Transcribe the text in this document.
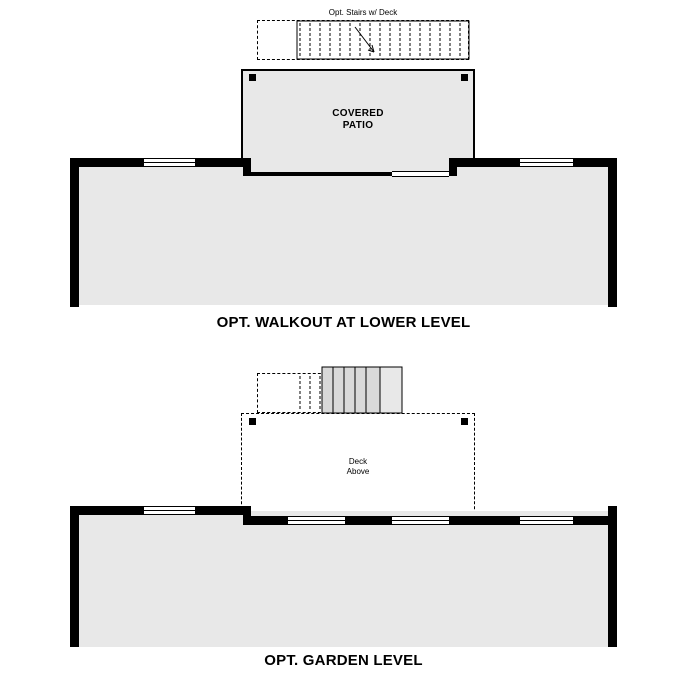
Opt. Stairs w/ Deck
COVERED
PATIO
OPT. WALKOUT AT LOWER LEVEL
Deck
Above
OPT. GARDEN LEVEL
